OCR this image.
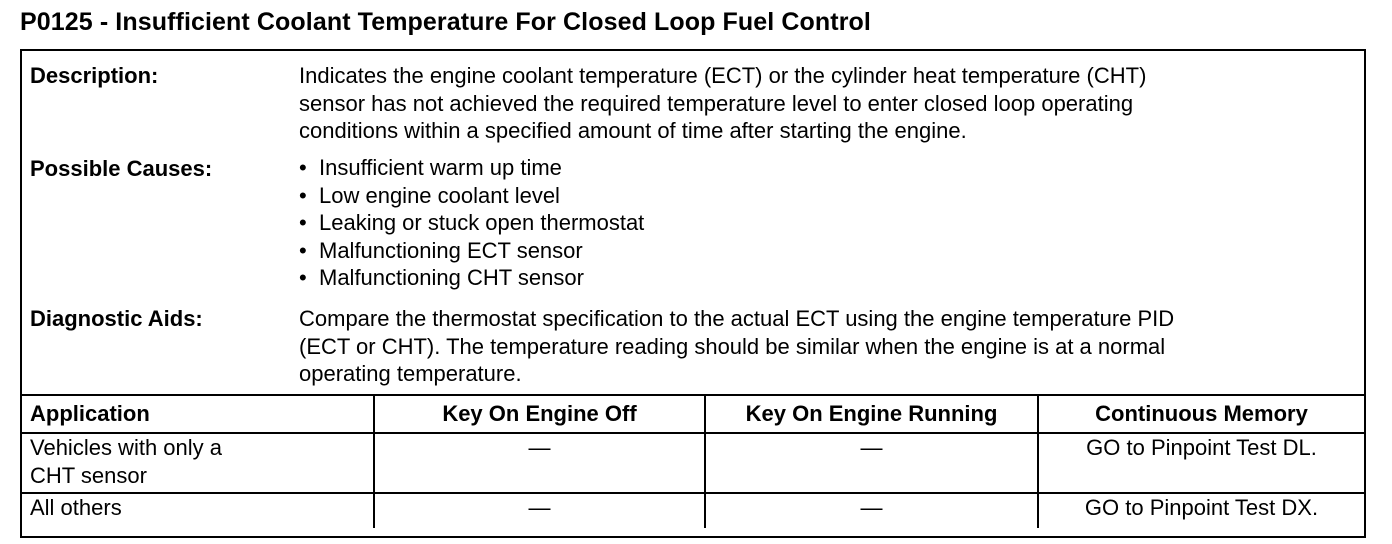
P0125 - Insufficient Coolant Temperature For Closed Loop Fuel Control
Description:	Indicates the engine coolant temperature (ECT) or the cylinder heat temperature (CHT)
sensor has not achieved the required temperature level to enter closed loop operating
conditions within a specified amount of time after starting the engine.
Possible Causes:	• Insufficient warm up time
• Low engine coolant level
• Leaking or stuck open thermostat
• Malfunctioning ECT sensor
• Malfunctioning CHT sensor
Diagnostic Aids:	Compare the thermostat specification to the actual ECT using the engine temperature PID
(ECT or CHT). The temperature reading should be similar when the engine is at a normal
operating temperature.
Application	Key On Engine Off	Key On Engine Running	Continuous Memory

Vehicles with only a
CHT sensor	—	—	GO to Pinpoint Test DL.

All others	—	—	GO to Pinpoint Test DX.
